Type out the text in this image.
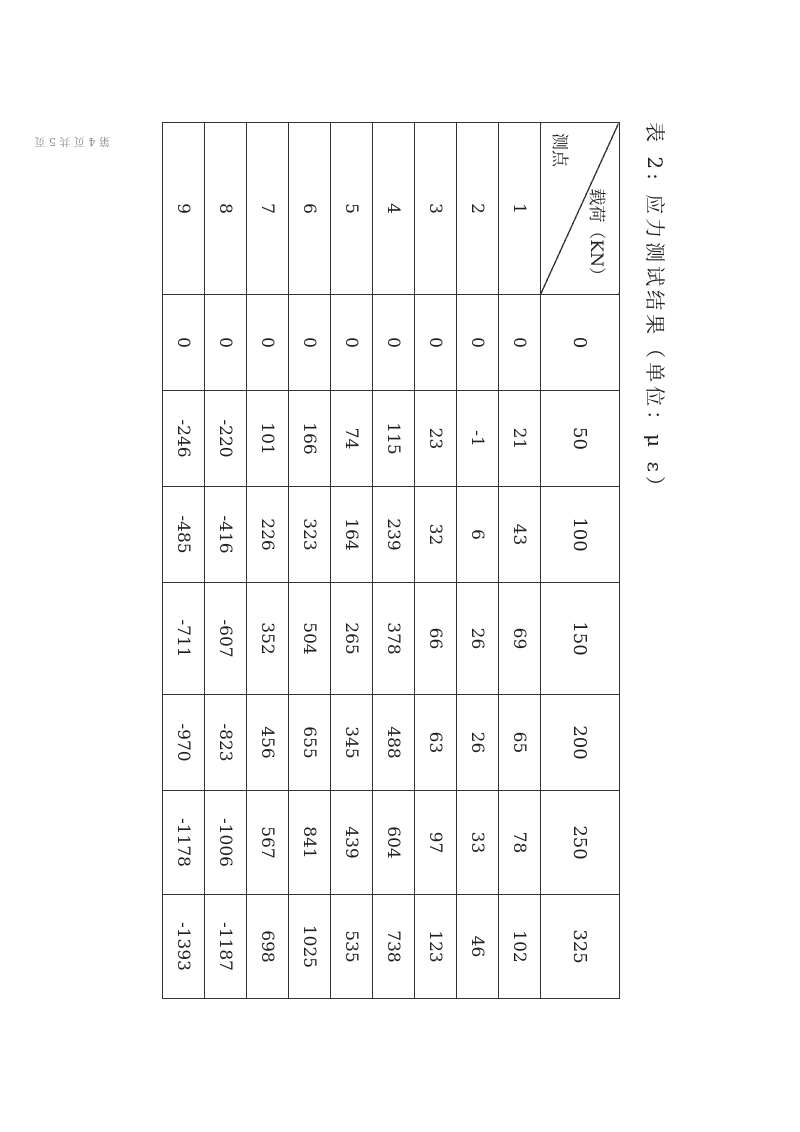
表 2: 应力测试结果（单位：μ ε）
载荷（KN）
测点	0	50	100	150	200	250	325
1	0	21	43	69	65	78	102
2	0	-1	6	26	26	33	46
3	0	23	32	66	63	97	123
4	0	115	239	378	488	604	738
5	0	74	164	265	345	439	535
6	0	166	323	504	655	841	1025
7	0	101	226	352	456	567	698
8	0	-220	-416	-607	-823	-1006	-1187
9	0	-246	-485	-711	-970	-1178	-1393
第 4 页 共 5 页
